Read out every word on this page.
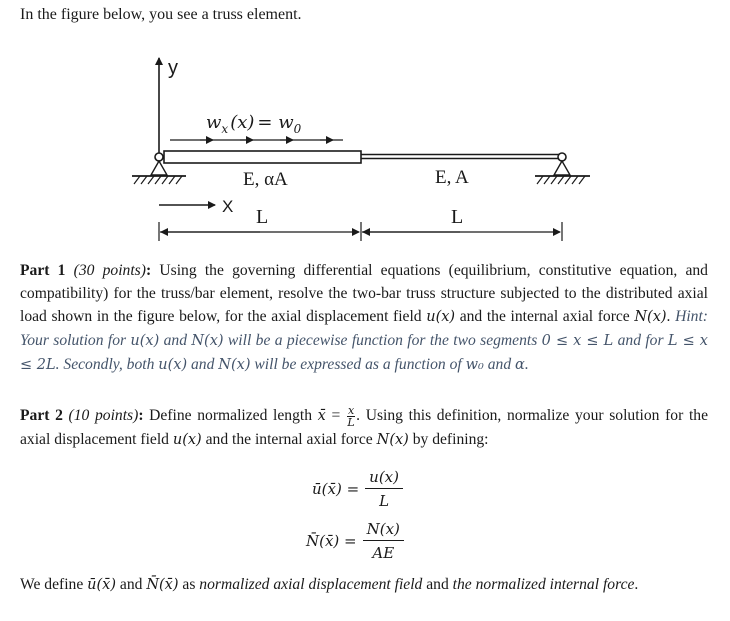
In the figure below, you see a truss element.
y
$w_x$ $(x) = w_0$
E, αA	E, A
X L	L
Part 1 (30 points): Using the governing differential equations (equilibrium, constitutive equation, and compatibility) for the truss/bar element, resolve the two-bar truss structure subjected to the distributed axial load shown in the figure below, for the axial displacement field u(x) and the internal axial force N(x). Hint: Your solution for u(x) and N(x) will be a piecewise function for the two segments 0 ≤ x ≤ L and for L ≤ x ≤ 2L. Secondly, both u(x) and N(x) will be expressed as a function of w₀ and α.
Part 2 (10 points): Define normalized length x̄ = $\frac{x}{L}$ . Using this definition, normalize your solution for the axial displacement field u(x) and the internal axial force N(x) by defining:
ū(x̄) = $\frac{u(x)}{L}$
N̄(x̄) = $\frac{N(x)}{AE}$
We define ū(x̄) and N̄(x̄) as normalized axial displacement field and the normalized internal force.
